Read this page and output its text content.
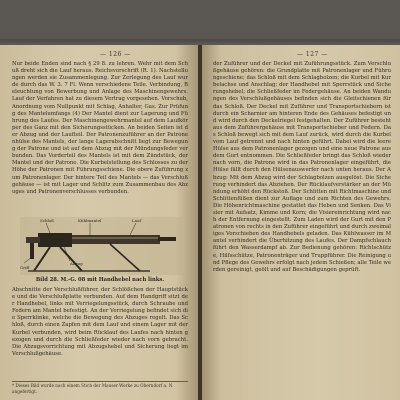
— 126 —
Nur beide Enden sind nach § 29 8. zu lehren. Wehr mit dem Schuß dreht sich die Lauf heraus. Reichsvorschrift (R. 1). Nachstellungen werden sie Zusammenlegung. Zur Zerlegung des Lauf wurde durch das W. 3. 7 Fl. Wenn verschiedene Teile. Verbindung, Beleuchtung von Bewerbung und Anlage des Maschinengewehrs. Lauf der Verfahren hat zu diesem Vertrag vorgesehen. Vorschub, Anordnung vom Nullpunkt mit Schlag, Anhalter, Gas. Zur Prüfung des Mantelumfangs (4) Der Mantel dient zur Lagerung und Führung des Laufes. Der Maschinengewehrmantel auf dem Laufkörper des Ganz mit den Sicherungsstücken. An beiden Seiten ist der Abzug und der Laufteil. Der Patronenzuführer an der Patronenhülse des Mantels, der lange Lagerabschnitt liegt zur Bewegung der Patrone und ist auf dem Abzug mit der Mündungsfeder verbunden. Das Vorderteil des Mantels ist mit dem Zündstück, der Mantel und der Patrone. Die Kurbelstellung des Schlosses zu der Höhe der Patronen mit Führungsschiene. Die obere Zuführung zum Patronenlager. Der hintere Teil des Mantels — das Verschlußgehäuse — ist mit Lager und Schlitz zum Zusammenbau des Abzuges und Patronenverschlusses verbunden.
Kühlmantel	Lauf
Schloß
Griff
Abzug
Bild 28. M.-G. 08 mit Handhebel nach links.
Abschnitte der Verschlußführer, der Schlößchen der Hauptstücke und die Verschlußplatte verbunden. Auf dem Handgriff sitzt der Handhebel, links mit Verriegelungsstück, durch Schraube und Federn am Mantel befestigt. An der Verriegelung befindet sich die Sperrklinke, welche die Bewegung des Abzuges regelt. Das Schloß, durch einen Zapfen mit dem Lauf und einem Lager mit der Kurbel verbunden, wird beim Rücklauf des Laufes nach hinten gezogen und durch die Schließfeder wieder nach vorn gebracht. Die Abzugsvorrichtung mit Abzugshebel und Sicherung liegt im Verschlußgehäuse.
* Dieses Bild wurde nach einem Stich der Mauser-Werke zu Oberndorf a. N. angefertigt.
— 127 —
der Zuführer und der Deckel mit Zuführungsstück. Zum Verschlußgehäuse gehören: die Grundplatte mit Patronenlager und Führungsschiene; das Schloß mit dem Schlagbolzen; die Kurbel mit Kurbelachse und Anschlag; der Handhebel mit Sperrstück und Sicherungshebel; die Schließfeder im Federgehäuse. An beiden Wandungen des Verschlußgehäuses befinden sich die Gleitschienen für das Schloß. Der Deckel mit Zuführer und Transportschiebern ist durch ein Scharnier am hinteren Ende des Gehäuses befestigt und wird durch den Deckelriegel festgehalten. Der Zuführer besteht aus dem Zuführergehäuse mit Transportschieber und Federn. Das Schloß bewegt sich mit dem Lauf zurück, wird durch die Kurbel vom Lauf getrennt und nach hinten geführt. Dabei wird die leere Hülse aus dem Patronenlager gezogen und eine neue Patrone aus dem Gurt entnommen. Die Schließfeder bringt das Schloß wieder nach vorn, die Patrone wird in das Patronenlager eingeführt, die Hülse fällt durch den Hülsenauswerfer nach unten heraus. Der Abzug: Mit dem Abzug wird der Schlagbolzen ausgelöst. Die Sicherung verhindert das Abziehen. Der Rücklaufverstärker an der Mündung erhöht den Rückstoß. Der Schlitten mit Richtmaschine und Schlittenfüßen dient zur Auflage und zum Richten des Gewehrs. Die Höhenrichtmaschine gestattet das Heben und Senken. Das Visier mit Aufsatz, Kimme und Korn; die Visiereinrichtung wird nach der Entfernung eingestellt. Zum Laden wird der Gurt mit den Patronen von rechts in den Zuführer eingeführt und durch zweimaliges Vorschieben des Handhebels geladen. Das Kühlwasser im Mantel verhindert die Überhitzung des Laufes. Der Dampfschlauch führt den Wasserdampf ab. Zur Bedienung gehören: Richtschütze, Hilfsschütze, Patronenträger und Truppführer. Die Reinigung und Pflege des Gewehrs erfolgt nach jedem Schießen; alle Teile werden gereinigt, geölt und auf Beschädigungen geprüft.
